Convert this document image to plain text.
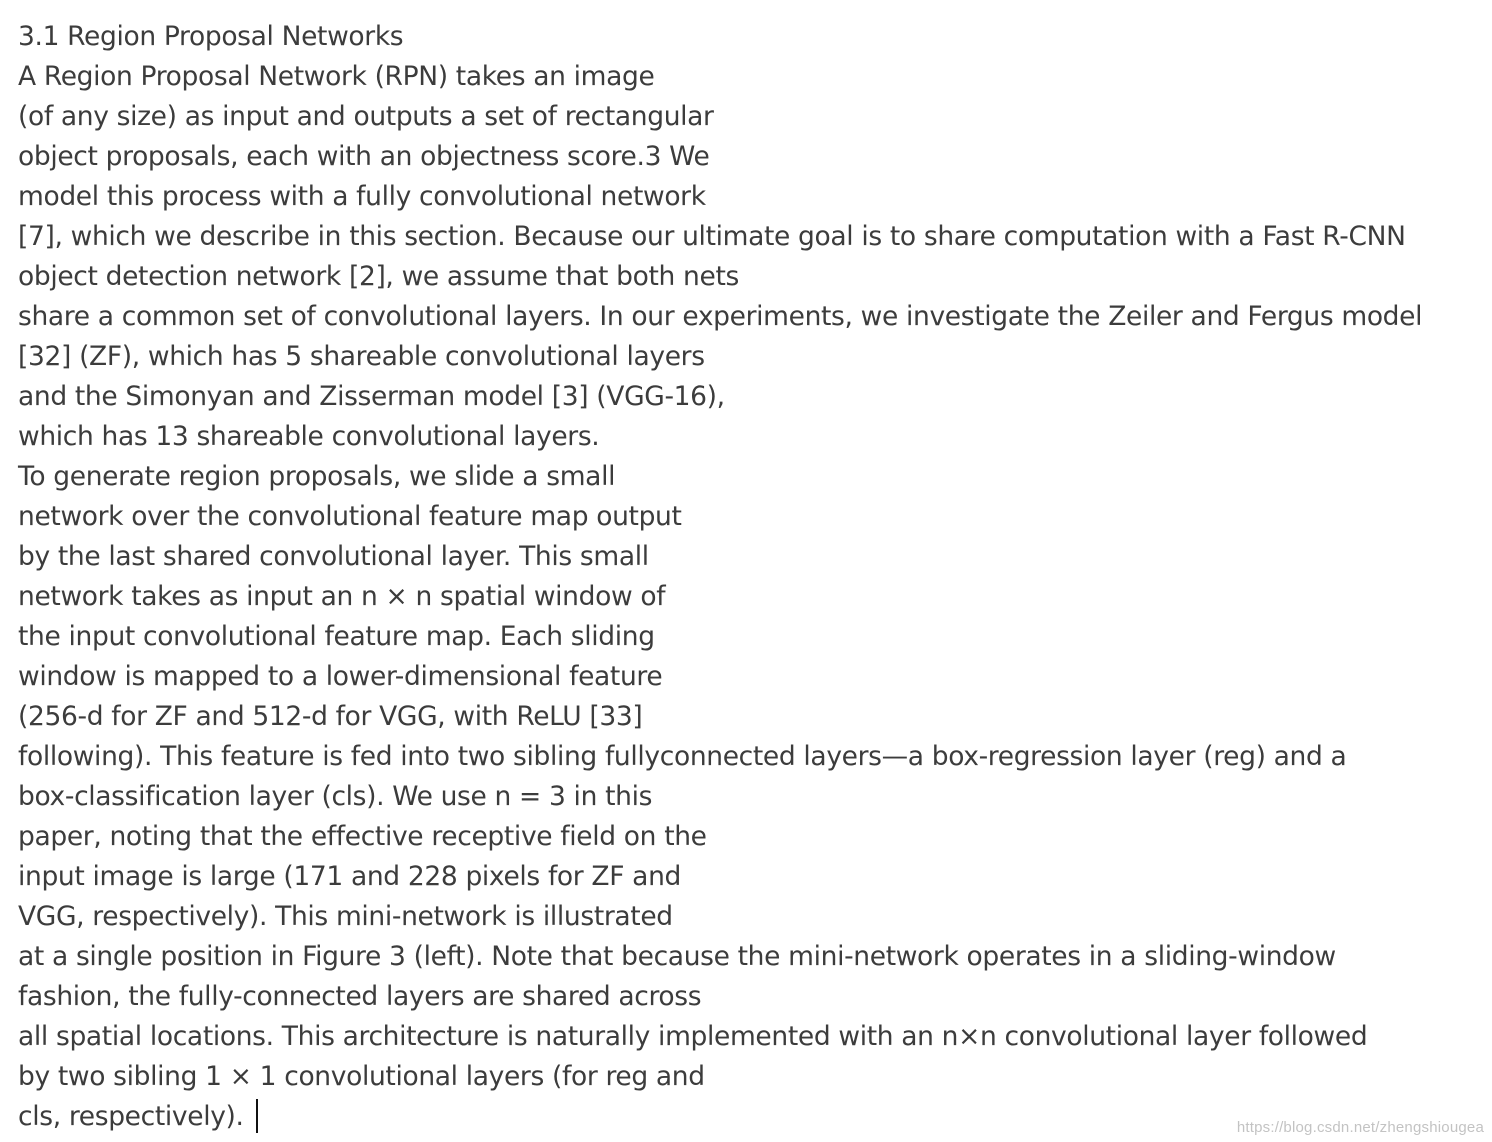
3.1 Region Proposal Networks
A Region Proposal Network (RPN) takes an image
(of any size) as input and outputs a set of rectangular
object proposals, each with an objectness score.3 We
model this process with a fully convolutional network
[7], which we describe in this section. Because our ultimate goal is to share computation with a Fast R-CNN
object detection network [2], we assume that both nets
share a common set of convolutional layers. In our experiments, we investigate the Zeiler and Fergus model
[32] (ZF), which has 5 shareable convolutional layers
and the Simonyan and Zisserman model [3] (VGG-16),
which has 13 shareable convolutional layers.
To generate region proposals, we slide a small
network over the convolutional feature map output
by the last shared convolutional layer. This small
network takes as input an n × n spatial window of
the input convolutional feature map. Each sliding
window is mapped to a lower-dimensional feature
(256-d for ZF and 512-d for VGG, with ReLU [33]
following). This feature is fed into two sibling fullyconnected layers—a box-regression layer (reg) and a
box-classification layer (cls). We use n = 3 in this
paper, noting that the effective receptive field on the
input image is large (171 and 228 pixels for ZF and
VGG, respectively). This mini-network is illustrated
at a single position in Figure 3 (left). Note that because the mini-network operates in a sliding-window
fashion, the fully-connected layers are shared across
all spatial locations. This architecture is naturally implemented with an n×n convolutional layer followed
by two sibling 1 × 1 convolutional layers (for reg and
cls, respectively).	https://blog.csdn.net/zhengshiougea
